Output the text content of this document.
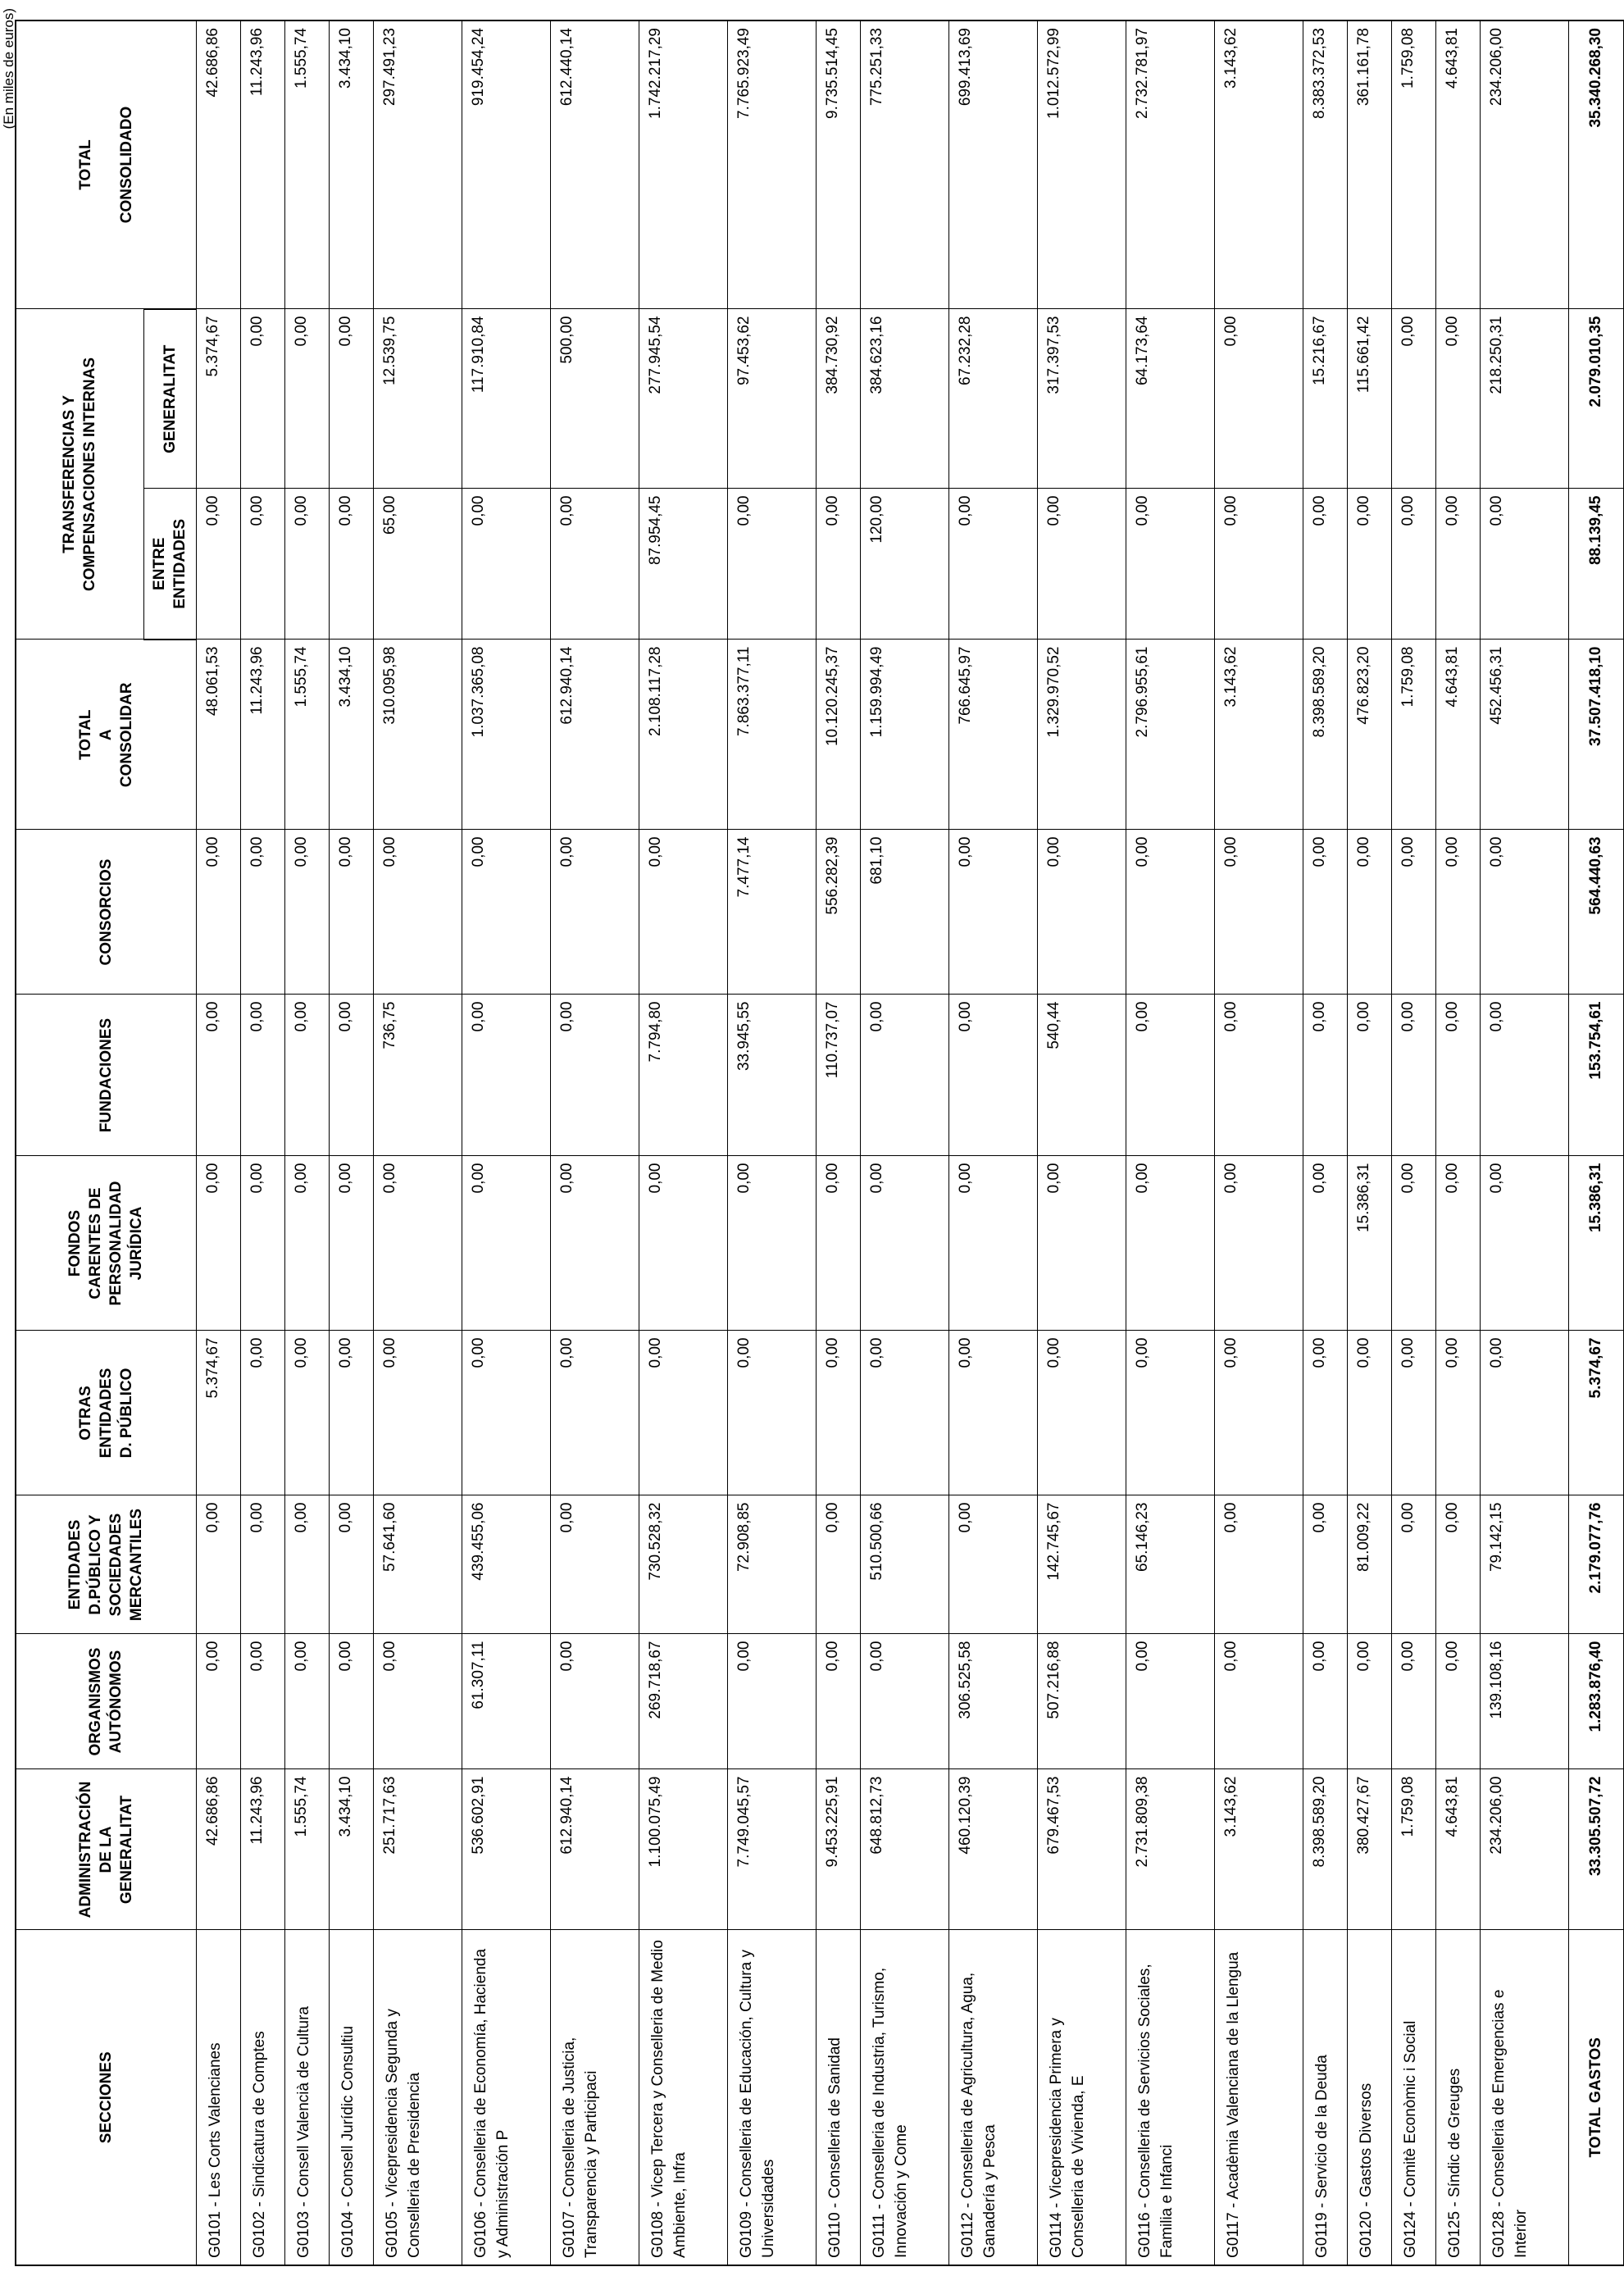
(En miles de euros)
SECCIONES	ADMINISTRACIÓN DE LA GENERALITAT	ORGANISMOS AUTÓNOMOS	ENTIDADES D.PÚBLICO Y SOCIEDADES MERCANTILES	OTRAS ENTIDADES D. PÚBLICO	FONDOS CARENTES DE PERSONALIDAD JURÍDICA	FUNDACIONES	CONSORCIOS	TOTAL A CONSOLIDAR	TRANSFERENCIAS Y COMPENSACIONES INTERNAS		TOTAL CONSOLIDADO
									ENTRE ENTIDADES	GENERALITAT	
G0101 - Les Corts Valencianes	42.686,86	0,00	0,00	5.374,67	0,00	0,00	0,00	48.061,53	0,00	5.374,67	42.686,86
G0102 - Sindicatura de Comptes	11.243,96	0,00	0,00	0,00	0,00	0,00	0,00	11.243,96	0,00	0,00	11.243,96
G0103 - Consell Valencià de Cultura	1.555,74	0,00	0,00	0,00	0,00	0,00	0,00	1.555,74	0,00	0,00	1.555,74
G0104 - Consell Jurídic Consultiu	3.434,10	0,00	0,00	0,00	0,00	0,00	0,00	3.434,10	0,00	0,00	3.434,10
G0105 - Vicepresidencia Segunda y Conselleria de Presidencia	251.717,63	0,00	57.641,60	0,00	0,00	736,75	0,00	310.095,98	65,00	12.539,75	297.491,23
G0106 - Conselleria de Economía, Hacienda y Administración P	536.602,91	61.307,11	439.455,06	0,00	0,00	0,00	0,00	1.037.365,08	0,00	117.910,84	919.454,24
G0107 - Conselleria de Justicia, Transparencia y Participaci	612.940,14	0,00	0,00	0,00	0,00	0,00	0,00	612.940,14	0,00	500,00	612.440,14
G0108 - Vicep Tercera y Conselleria de Medio Ambiente, Infra	1.100.075,49	269.718,67	730.528,32	0,00	0,00	7.794,80	0,00	2.108.117,28	87.954,45	277.945,54	1.742.217,29
G0109 - Conselleria de Educación, Cultura y Universidades	7.749.045,57	0,00	72.908,85	0,00	0,00	33.945,55	7.477,14	7.863.377,11	0,00	97.453,62	7.765.923,49
G0110 - Conselleria de Sanidad	9.453.225,91	0,00	0,00	0,00	0,00	110.737,07	556.282,39	10.120.245,37	0,00	384.730,92	9.735.514,45
G0111 - Conselleria de Industria, Turismo, Innovación y Come	648.812,73	0,00	510.500,66	0,00	0,00	0,00	681,10	1.159.994,49	120,00	384.623,16	775.251,33
G0112 - Conselleria de Agricultura, Agua, Ganadería y Pesca	460.120,39	306.525,58	0,00	0,00	0,00	0,00	0,00	766.645,97	0,00	67.232,28	699.413,69
G0114 - Vicepresidencia Primera y Conselleria de Vivienda, E	679.467,53	507.216,88	142.745,67	0,00	0,00	540,44	0,00	1.329.970,52	0,00	317.397,53	1.012.572,99
G0116 - Conselleria de Servicios Sociales, Familia e Infanci	2.731.809,38	0,00	65.146,23	0,00	0,00	0,00	0,00	2.796.955,61	0,00	64.173,64	2.732.781,97
G0117 - Acadèmia Valenciana de la Llengua	3.143,62	0,00	0,00	0,00	0,00	0,00	0,00	3.143,62	0,00	0,00	3.143,62
G0119 - Servicio de la Deuda	8.398.589,20	0,00	0,00	0,00	0,00	0,00	0,00	8.398.589,20	0,00	15.216,67	8.383.372,53
G0120 - Gastos Diversos	380.427,67	0,00	81.009,22	0,00	15.386,31	0,00	0,00	476.823,20	0,00	115.661,42	361.161,78
G0124 - Comitè Econòmic i Social	1.759,08	0,00	0,00	0,00	0,00	0,00	0,00	1.759,08	0,00	0,00	1.759,08
G0125 - Síndic de Greuges	4.643,81	0,00	0,00	0,00	0,00	0,00	0,00	4.643,81	0,00	0,00	4.643,81
G0128 - Conselleria de Emergencias e Interior	234.206,00	139.108,16	79.142,15	0,00	0,00	0,00	0,00	452.456,31	0,00	218.250,31	234.206,00
TOTAL GASTOS	33.305.507,72	1.283.876,40	2.179.077,76	5.374,67	15.386,31	153.754,61	564.440,63	37.507.418,10	88.139,45	2.079.010,35	35.340.268,30
